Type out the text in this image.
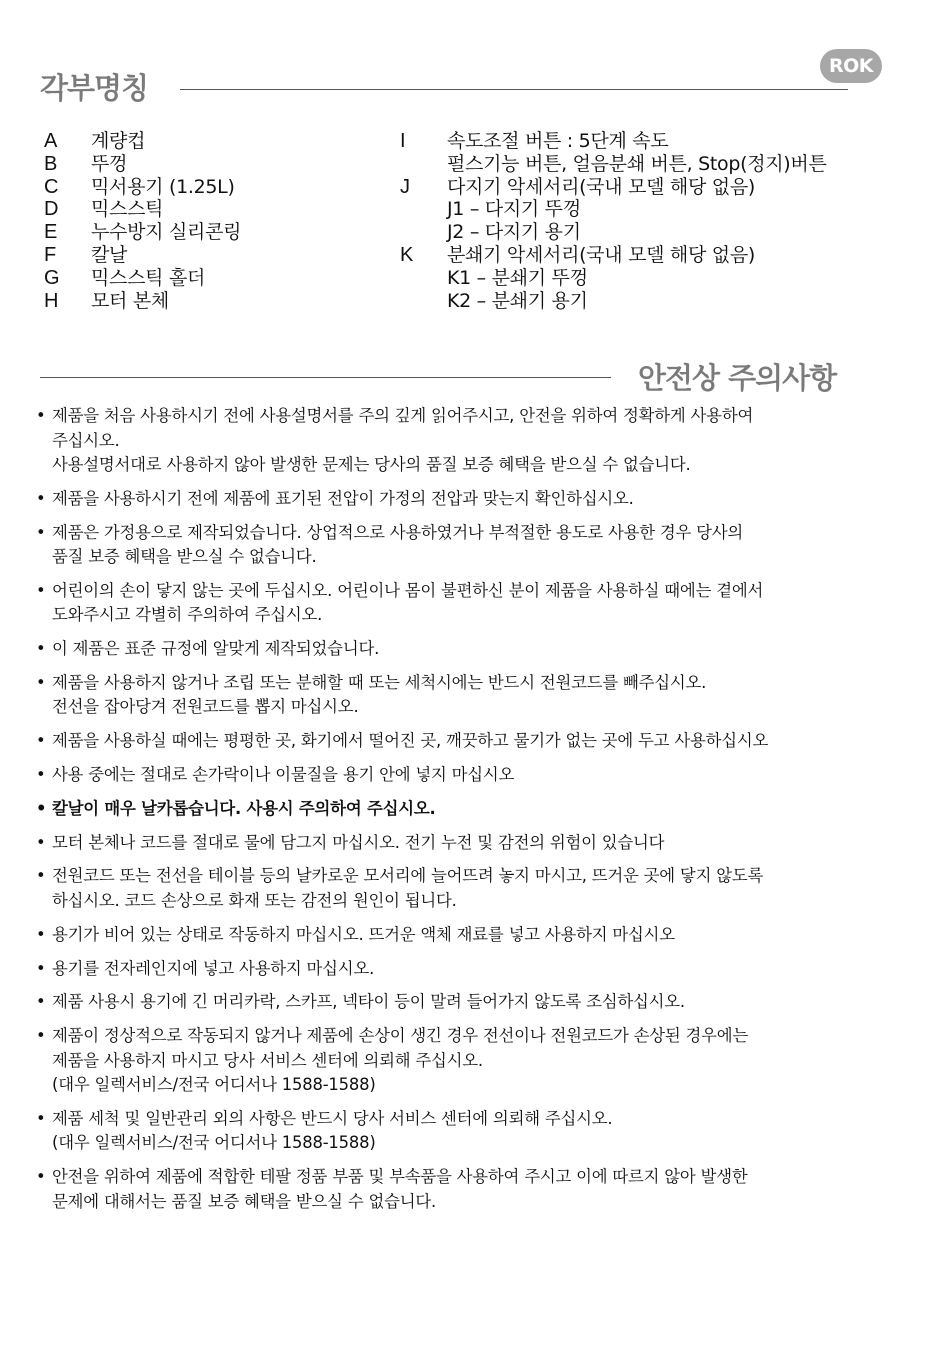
ROK
각부명칭
A	계량컵
B	뚜껑
C	믹서용기 (1.25L)
D	믹스스틱
E	누수방지 실리콘링
F	칼날
G	믹스스틱 홀더
H	모터 본체
I	속도조절 버튼 : 5단계 속도
펄스기능 버튼, 얼음분쇄 버튼, Stop(정지)버튼
J	다지기 악세서리(국내 모델 해당 없음)
J1 – 다지기 뚜껑
J2 – 다지기 용기
K	분쇄기 악세서리(국내 모델 해당 없음)
K1 – 분쇄기 뚜껑
K2 – 분쇄기 용기
안전상 주의사항
• 제품을 처음 사용하시기 전에 사용설명서를 주의 깊게 읽어주시고, 안전을 위하여 정확하게 사용하여
주십시오.
사용설명서대로 사용하지 않아 발생한 문제는 당사의 품질 보증 혜택을 받으실 수 없습니다.
• 제품을 사용하시기 전에 제품에 표기된 전압이 가정의 전압과 맞는지 확인하십시오.
• 제품은 가정용으로 제작되었습니다. 상업적으로 사용하였거나 부적절한 용도로 사용한 경우 당사의
품질 보증 혜택을 받으실 수 없습니다.
• 어린이의 손이 닿지 않는 곳에 두십시오. 어린이나 몸이 불편하신 분이 제품을 사용하실 때에는 곁에서
도와주시고 각별히 주의하여 주십시오.
• 이 제품은 표준 규정에 알맞게 제작되었습니다.
• 제품을 사용하지 않거나 조립 또는 분해할 때 또는 세척시에는 반드시 전원코드를 빼주십시오.
전선을 잡아당겨 전원코드를 뽑지 마십시오.
• 제품을 사용하실 때에는 평평한 곳, 화기에서 떨어진 곳, 깨끗하고 물기가 없는 곳에 두고 사용하십시오
• 사용 중에는 절대로 손가락이나 이물질을 용기 안에 넣지 마십시오
• 칼날이 매우 날카롭습니다. 사용시 주의하여 주십시오.
• 모터 본체나 코드를 절대로 물에 담그지 마십시오. 전기 누전 및 감전의 위험이 있습니다
• 전원코드 또는 전선을 테이블 등의 날카로운 모서리에 늘어뜨려 놓지 마시고, 뜨거운 곳에 닿지 않도록
하십시오. 코드 손상으로 화재 또는 감전의 원인이 됩니다.
• 용기가 비어 있는 상태로 작동하지 마십시오. 뜨거운 액체 재료를 넣고 사용하지 마십시오
• 용기를 전자레인지에 넣고 사용하지 마십시오.
• 제품 사용시 용기에 긴 머리카락, 스카프, 넥타이 등이 말려 들어가지 않도록 조심하십시오.
• 제품이 정상적으로 작동되지 않거나 제품에 손상이 생긴 경우 전선이나 전원코드가 손상된 경우에는
제품을 사용하지 마시고 당사 서비스 센터에 의뢰해 주십시오.
(대우 일렉서비스/전국 어디서나 1588-1588)
• 제품 세척 및 일반관리 외의 사항은 반드시 당사 서비스 센터에 의뢰해 주십시오.
(대우 일렉서비스/전국 어디서나 1588-1588)
• 안전을 위하여 제품에 적합한 테팔 정품 부품 및 부속품을 사용하여 주시고 이에 따르지 않아 발생한
문제에 대해서는 품질 보증 혜택을 받으실 수 없습니다.
